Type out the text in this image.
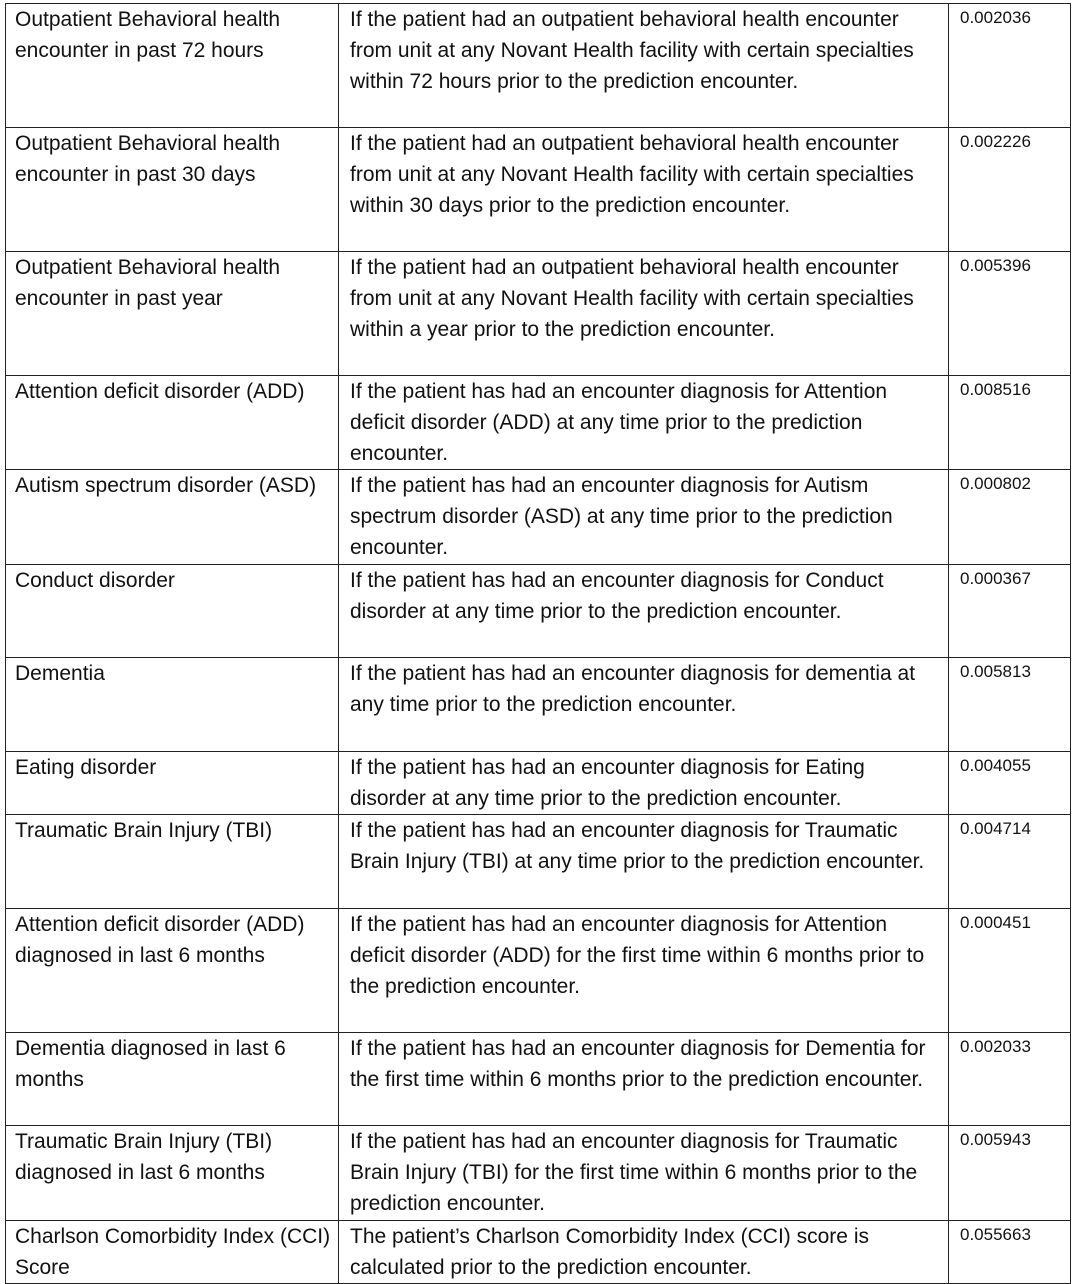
Outpatient Behavioral health encounter in past 72 hours	If the patient had an outpatient behavioral health encounter from unit at any Novant Health facility with certain specialties within 72 hours prior to the prediction encounter.	0.002036

Outpatient Behavioral health encounter in past 30 days	If the patient had an outpatient behavioral health encounter from unit at any Novant Health facility with certain specialties within 30 days prior to the prediction encounter.	0.002226

Outpatient Behavioral health encounter in past year	If the patient had an outpatient behavioral health encounter from unit at any Novant Health facility with certain specialties within a year prior to the prediction encounter.	0.005396

Attention deficit disorder (ADD)	If the patient has had an encounter diagnosis for Attention deficit disorder (ADD) at any time prior to the prediction encounter.	0.008516

Autism spectrum disorder (ASD)	If the patient has had an encounter diagnosis for Autism spectrum disorder (ASD) at any time prior to the prediction encounter.	0.000802

Conduct disorder	If the patient has had an encounter diagnosis for Conduct disorder at any time prior to the prediction encounter.	0.000367

Dementia	If the patient has had an encounter diagnosis for dementia at any time prior to the prediction encounter.	0.005813

Eating disorder	If the patient has had an encounter diagnosis for Eating disorder at any time prior to the prediction encounter.	0.004055

Traumatic Brain Injury (TBI)	If the patient has had an encounter diagnosis for Traumatic Brain Injury (TBI) at any time prior to the prediction encounter.	0.004714

Attention deficit disorder (ADD) diagnosed in last 6 months	If the patient has had an encounter diagnosis for Attention deficit disorder (ADD) for the first time within 6 months prior to the prediction encounter.	0.000451

Dementia diagnosed in last 6 months	If the patient has had an encounter diagnosis for Dementia for the first time within 6 months prior to the prediction encounter.	0.002033

Traumatic Brain Injury (TBI) diagnosed in last 6 months	If the patient has had an encounter diagnosis for Traumatic Brain Injury (TBI) for the first time within 6 months prior to the prediction encounter.	0.005943

Charlson Comorbidity Index (CCI) Score	The patient’s Charlson Comorbidity Index (CCI) score is calculated prior to the prediction encounter.	0.055663
